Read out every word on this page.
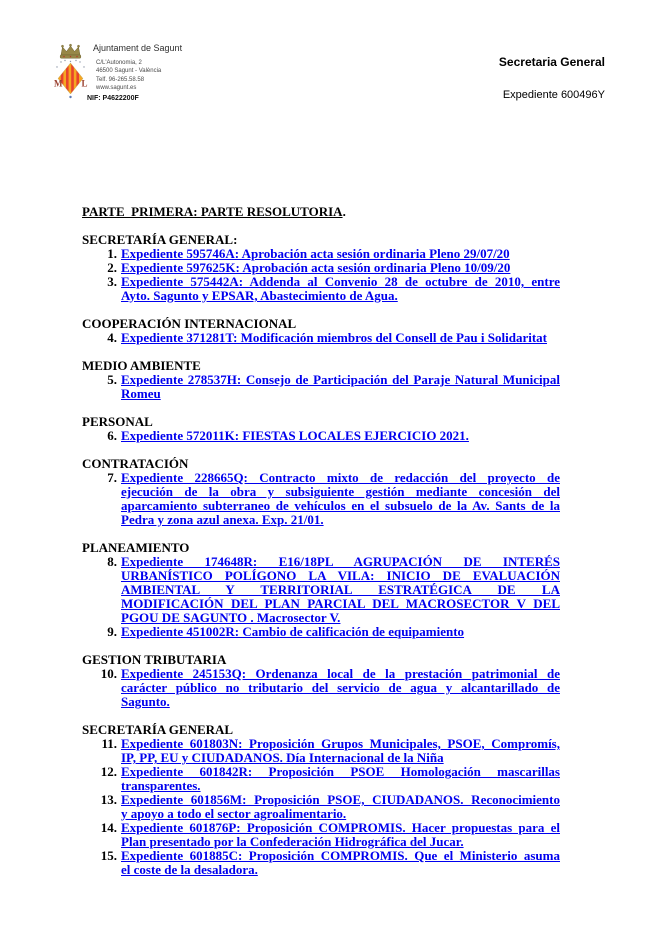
M L
Ajuntament de Sagunt
C/L'Autonomia, 2
46500 Sagunt - València
Telf. 96-265.58.58
www.sagunt.es
NIF: P4622200F
Secretaria General
Expediente 600496Y
PARTE  PRIMERA: PARTE RESOLUTORIA.
SECRETARÍA GENERAL:
1. Expediente 595746A: Aprobación acta sesión ordinaria Pleno 29/07/20
2. Expediente 597625K: Aprobación acta sesión ordinaria Pleno 10/09/20
3. Expediente 575442A: Addenda al Convenio 28 de octubre de 2010, entre
Ayto. Sagunto y EPSAR, Abastecimiento de Agua.
COOPERACIÓN INTERNACIONAL
4. Expediente 371281T: Modificación miembros del Consell de Pau i Solidaritat
MEDIO AMBIENTE
5. Expediente 278537H: Consejo de Participación del Paraje Natural Municipal
Romeu
PERSONAL
6. Expediente 572011K: FIESTAS LOCALES EJERCICIO 2021.
CONTRATACIÓN
7. Expediente 228665Q: Contracto mixto de redacción del proyecto de
ejecución de la obra y subsiguiente gestión mediante concesión del
aparcamiento subterraneo de vehículos en el subsuelo de la Av. Sants de la
Pedra y zona azul anexa. Exp. 21/01.
PLANEAMIENTO
8. Expediente 174648R: E16/18PL AGRUPACIÓN DE INTERÉS
URBANÍSTICO POLÍGONO LA VILA: INICIO DE EVALUACIÓN
AMBIENTAL Y TERRITORIAL ESTRATÉGICA DE LA
MODIFICACIÓN DEL PLAN PARCIAL DEL MACROSECTOR V DEL
PGOU DE SAGUNTO . Macrosector V.
9. Expediente 451002R: Cambio de calificación de equipamiento
GESTION TRIBUTARIA
10. Expediente 245153Q: Ordenanza local de la prestación patrimonial de
carácter público no tributario del servicio de agua y alcantarillado de
Sagunto.
SECRETARÍA GENERAL
11. Expediente 601803N: Proposición Grupos Municipales, PSOE, Compromís,
IP, PP, EU y CIUDADANOS. Día Internacional de la Niña
12. Expediente 601842R: Proposición PSOE Homologación mascarillas
transparentes.
13. Expediente 601856M: Proposición PSOE, CIUDADANOS. Reconocimiento
y apoyo a todo el sector agroalimentario.
14. Expediente 601876P: Proposición COMPROMIS. Hacer propuestas para el
Plan presentado por la Confederación Hidrográfica del Jucar.
15. Expediente 601885C: Proposición COMPROMIS. Que el Ministerio asuma
el coste de la desaladora.
